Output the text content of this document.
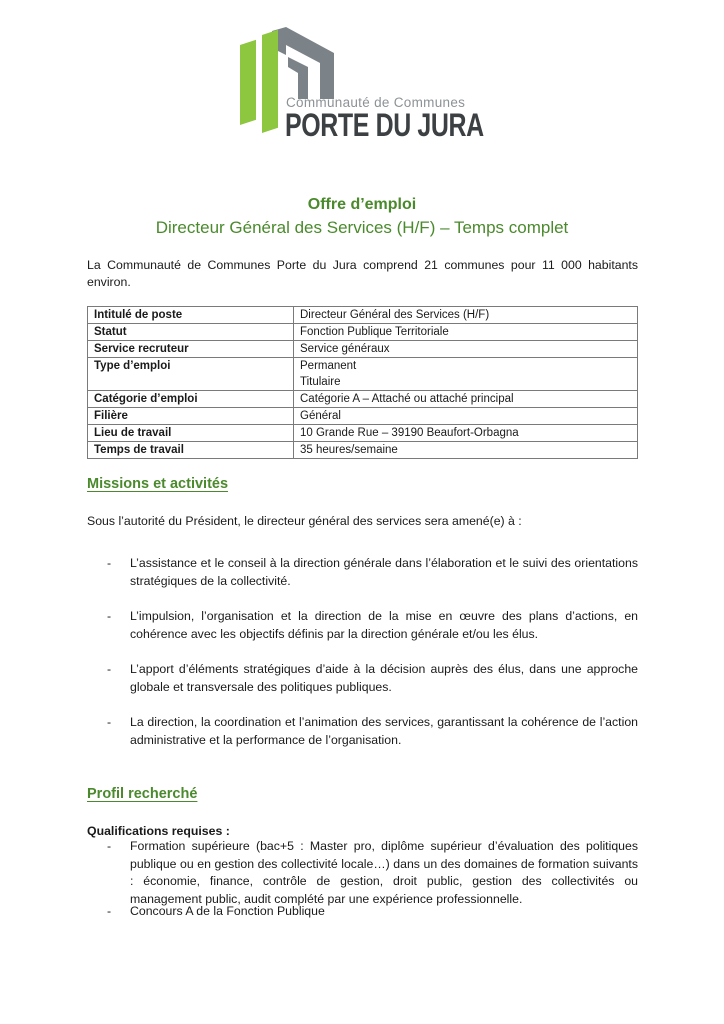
Communauté de Communes
PORTE DU JURA
Offre d’emploi
Directeur Général des Services (H/F) – Temps complet
La Communauté de Communes Porte du Jura comprend 21 communes pour 11 000 habitants environ.
Intitulé de poste	Directeur Général des Services (H/F)

Statut	Fonction Publique Territoriale

Service recruteur	Service généraux

Type d’emploi	Permanent
Titulaire

Catégorie d’emploi	Catégorie A – Attaché ou attaché principal

Filière	Général

Lieu de travail	10 Grande Rue – 39190 Beaufort-Orbagna

Temps de travail	35 heures/semaine
Missions et activités
Sous l’autorité du Président, le directeur général des services sera amené(e) à :
- L’assistance et le conseil à la direction générale dans l’élaboration et le suivi des orientations stratégiques de la collectivité.
- L’impulsion, l’organisation et la direction de la mise en œuvre des plans d’actions, en cohérence avec les objectifs définis par la direction générale et/ou les élus.
- L’apport d’éléments stratégiques d’aide à la décision auprès des élus, dans une approche globale et transversale des politiques publiques.
- La direction, la coordination et l’animation des services, garantissant la cohérence de l’action administrative et la performance de l’organisation.
Profil recherché
Qualifications requises :
- Formation supérieure (bac+5 : Master pro, diplôme supérieur d’évaluation des politiques publique ou en gestion des collectivité locale…) dans un des domaines de formation suivants : économie, finance, contrôle de gestion, droit public, gestion des collectivités ou management public, audit complété par une expérience professionnelle.
- Concours A de la Fonction Publique
